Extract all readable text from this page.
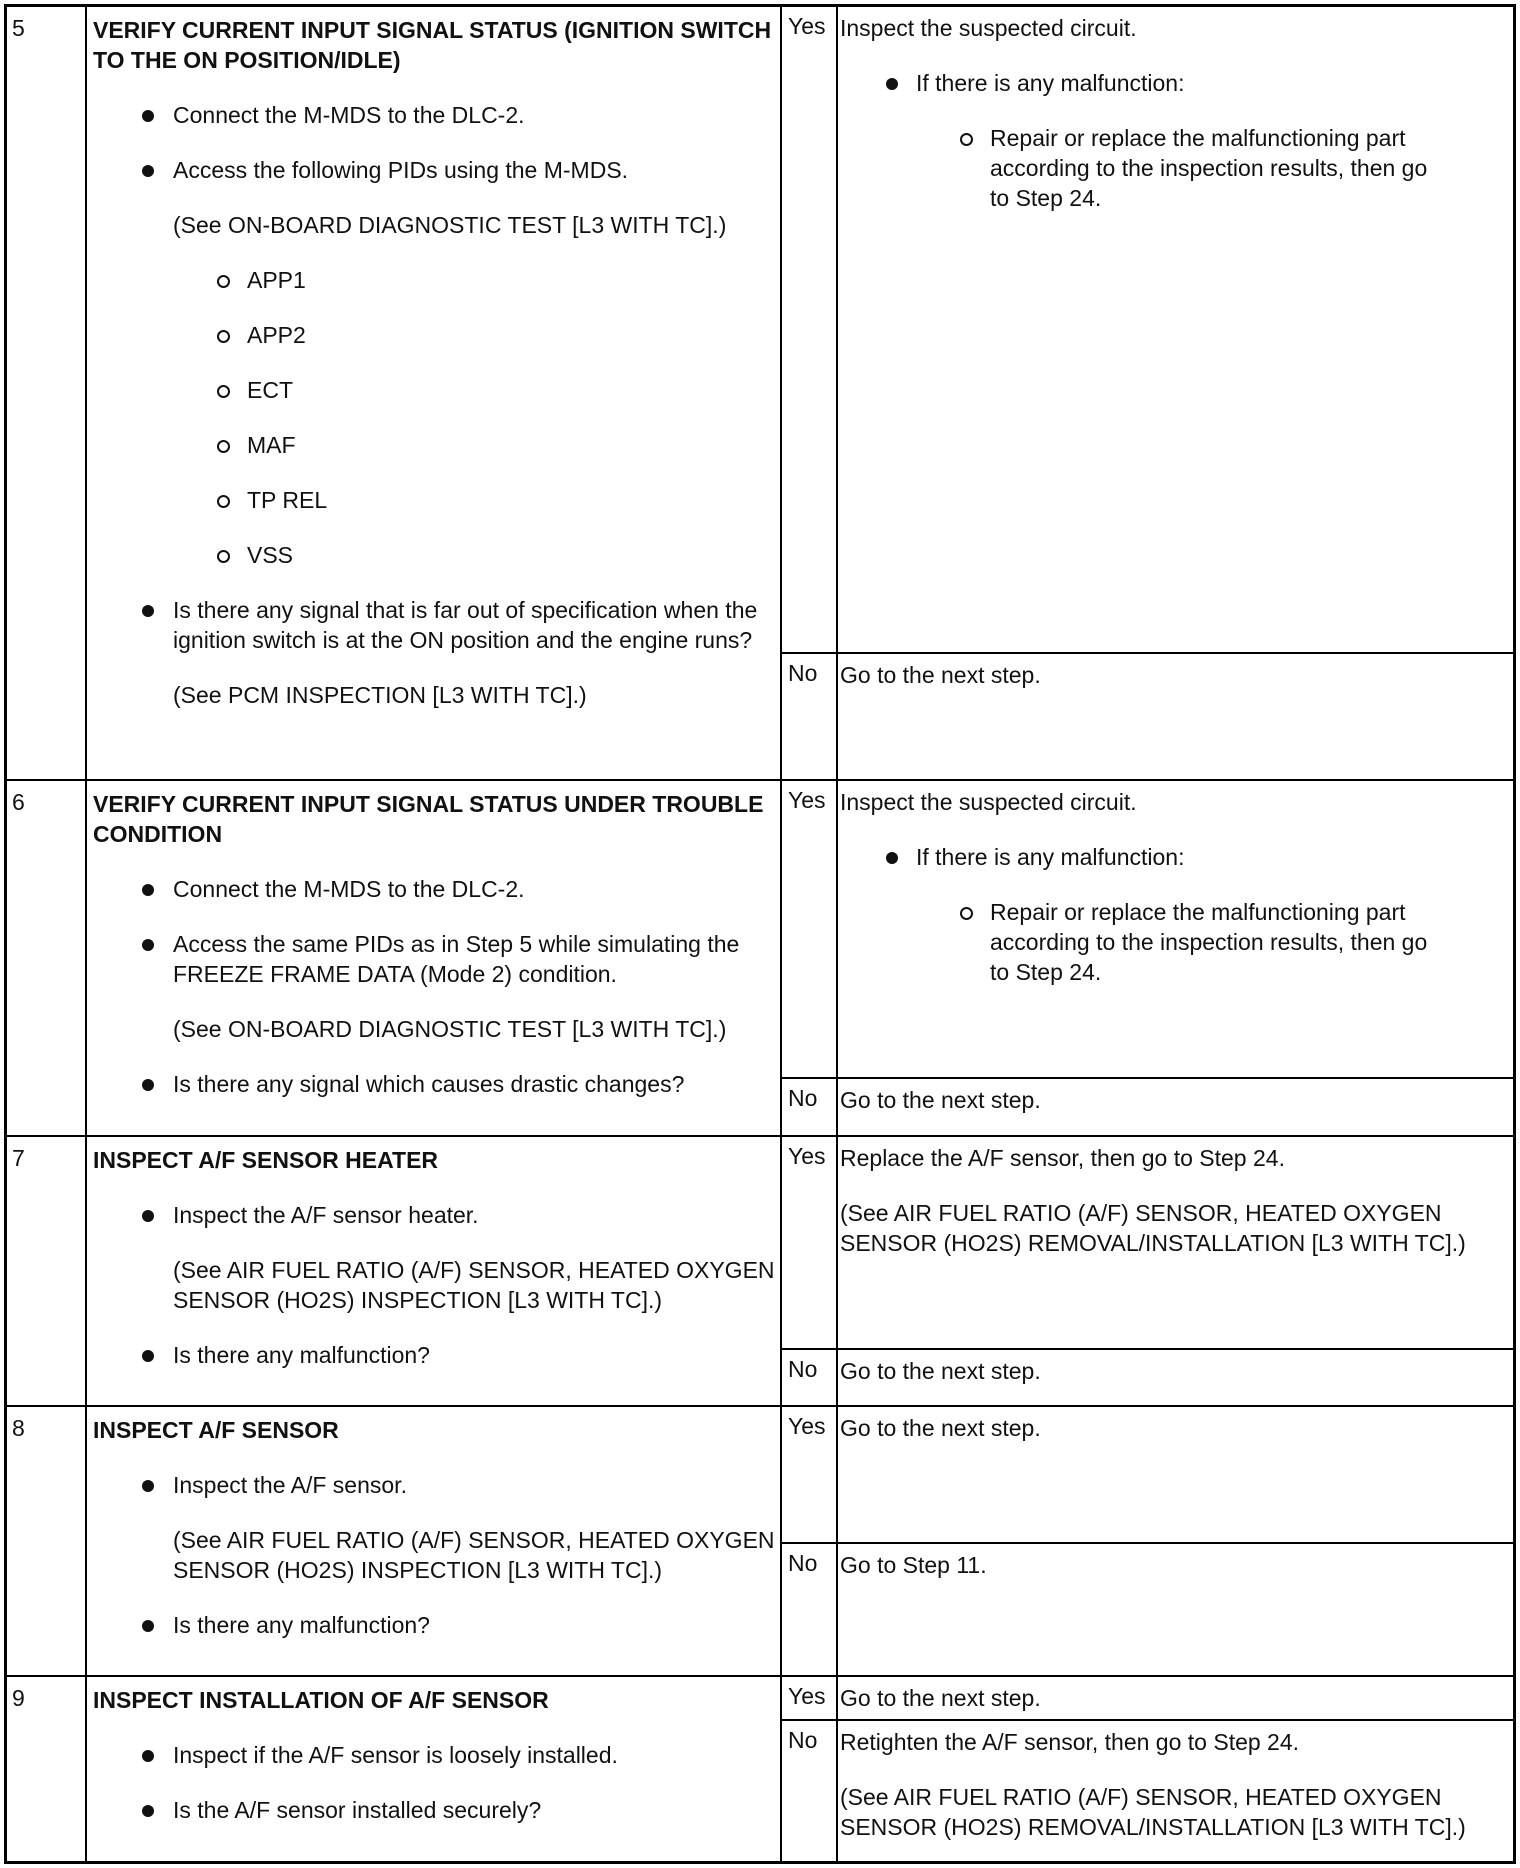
5	VERIFY CURRENT INPUT SIGNAL STATUS (IGNITION SWITCH TO THE ON POSITION/IDLE)
Connect the M-MDS to the DLC-2.
Access the following PIDs using the M-MDS.
(See ON-BOARD DIAGNOSTIC TEST [L3 WITH TC].)
APP1
APP2
ECT
MAF
TP REL
VSS
Is there any signal that is far out of specification when the ignition switch is at the ON position and the engine runs?
(See PCM INSPECTION [L3 WITH TC].)
Yes Inspect the suspected circuit.
If there is any malfunction:
Repair or replace the malfunctioning part according to the inspection results, then go to Step 24.
No Go to the next step.
6	VERIFY CURRENT INPUT SIGNAL STATUS UNDER TROUBLE CONDITION
Connect the M-MDS to the DLC-2.
Access the same PIDs as in Step 5 while simulating the FREEZE FRAME DATA (Mode 2) condition.
(See ON-BOARD DIAGNOSTIC TEST [L3 WITH TC].)
Is there any signal which causes drastic changes?
Yes Inspect the suspected circuit.
If there is any malfunction:
Repair or replace the malfunctioning part according to the inspection results, then go to Step 24.
No Go to the next step.
7	INSPECT A/F SENSOR HEATER
Inspect the A/F sensor heater.
(See AIR FUEL RATIO (A/F) SENSOR, HEATED OXYGEN SENSOR (HO2S) INSPECTION [L3 WITH TC].)
Is there any malfunction?
Yes Replace the A/F sensor, then go to Step 24.
(See AIR FUEL RATIO (A/F) SENSOR, HEATED OXYGEN SENSOR (HO2S) REMOVAL/INSTALLATION [L3 WITH TC].)
No Go to the next step.
8	INSPECT A/F SENSOR
Inspect the A/F sensor.
(See AIR FUEL RATIO (A/F) SENSOR, HEATED OXYGEN SENSOR (HO2S) INSPECTION [L3 WITH TC].)
Is there any malfunction?
Yes Go to the next step.
No Go to Step 11.
9	INSPECT INSTALLATION OF A/F SENSOR
Inspect if the A/F sensor is loosely installed.
Is the A/F sensor installed securely?
Yes Go to the next step.
No Retighten the A/F sensor, then go to Step 24.
(See AIR FUEL RATIO (A/F) SENSOR, HEATED OXYGEN SENSOR (HO2S) REMOVAL/INSTALLATION [L3 WITH TC].)
